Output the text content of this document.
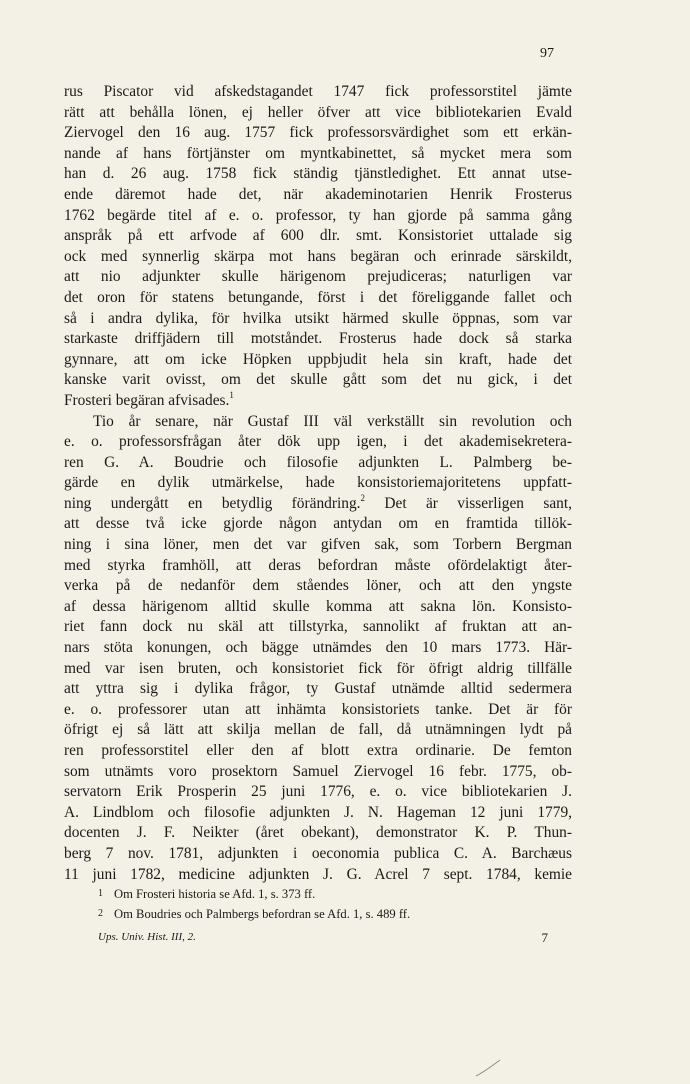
97
rus Piscator vid afskedstagandet 1747 fick professorstitel jämte
rätt att behålla lönen, ej heller öfver att vice bibliotekarien Evald
Ziervogel den 16 aug. 1757 fick professorsvärdighet som ett erkän-
nande af hans förtjänster om myntkabinettet, så mycket mera som
han d. 26 aug. 1758 fick ständig tjänstledighet. Ett annat utse-
ende däremot hade det, när akademinotarien Henrik Frosterus
1762 begärde titel af e. o. professor, ty han gjorde på samma gång
anspråk på ett arfvode af 600 dlr. smt. Konsistoriet uttalade sig
ock med synnerlig skärpa mot hans begäran och erinrade särskildt,
att nio adjunkter skulle härigenom prejudiceras; naturligen var
det oron för statens betungande, först i det föreliggande fallet och
så i andra dylika, för hvilka utsikt härmed skulle öppnas, som var
starkaste driffjädern till motståndet. Frosterus hade dock så starka
gynnare, att om icke Höpken uppbjudit hela sin kraft, hade det
kanske varit ovisst, om det skulle gått som det nu gick, i det
Frosteri begäran afvisades.$^1$
Tio år senare, när Gustaf III väl verkställt sin revolution och
e. o. professorsfrågan åter dök upp igen, i det akademisekretera-
ren G. A. Boudrie och filosofie adjunkten L. Palmberg be-
gärde en dylik utmärkelse, hade konsistoriemajoritetens uppfatt-
ning undergått en betydlig förändring.$^2$ Det är visserligen sant,
att desse två icke gjorde någon antydan om en framtida tillök-
ning i sina löner, men det var gifven sak, som Torbern Bergman
med styrka framhöll, att deras befordran måste ofördelaktigt åter-
verka på de nedanför dem ståendes löner, och att den yngste
af dessa härigenom alltid skulle komma att sakna lön. Konsisto-
riet fann dock nu skäl att tillstyrka, sannolikt af fruktan att an-
nars stöta konungen, och bägge utnämdes den 10 mars 1773. Här-
med var isen bruten, och konsistoriet fick för öfrigt aldrig tillfälle
att yttra sig i dylika frågor, ty Gustaf utnämde alltid sedermera
e. o. professorer utan att inhämta konsistoriets tanke. Det är för
öfrigt ej så lätt att skilja mellan de fall, då utnämningen lydt på
ren professorstitel eller den af blott extra ordinarie. De femton
som utnämts voro prosektorn Samuel Ziervogel 16 febr. 1775, ob-
servatorn Erik Prosperin 25 juni 1776, e. o. vice bibliotekarien J.
A. Lindblom och filosofie adjunkten J. N. Hageman 12 juni 1779,
docenten J. F. Neikter (året obekant), demonstrator K. P. Thun-
berg 7 nov. 1781, adjunkten i oeconomia publica C. A. Barchæus
11 juni 1782, medicine adjunkten J. G. Acrel 7 sept. 1784, kemie
1 Om Frosteri historia se Afd. 1, s. 373 ff.
2 Om Boudries och Palmbergs befordran se Afd. 1, s. 489 ff.
Ups. Univ. Hist. III, 2.	7
